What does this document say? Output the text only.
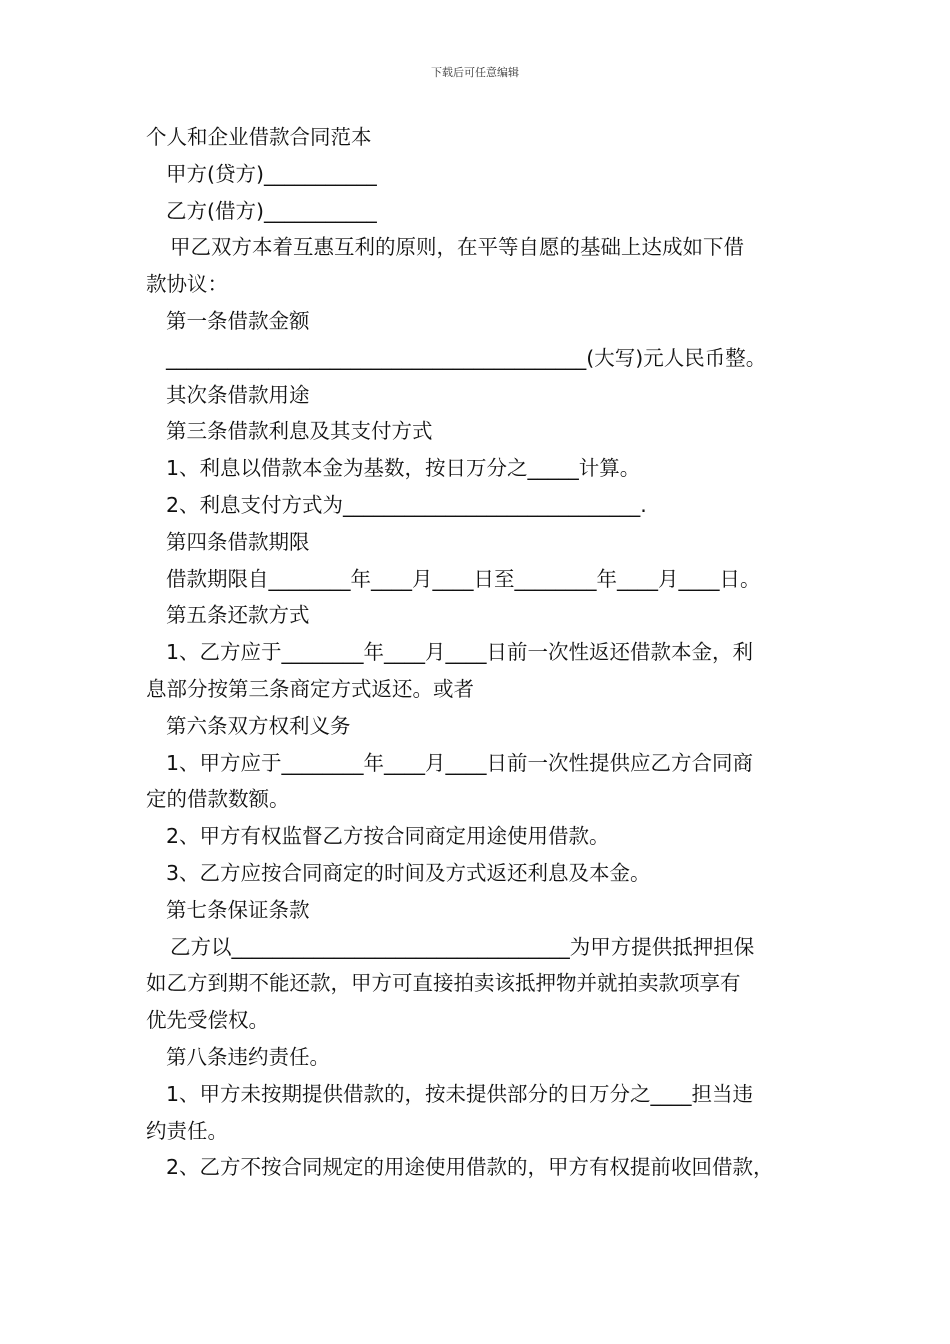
下载后可任意编辑
个人和企业借款合同范本
甲方(贷方)___________
乙方(借方)___________
甲乙双方本着互惠互利的原则，在平等自愿的基础上达成如下借
款协议：
第一条借款金额
_________________________________________(大写)元人民币整。
其次条借款用途
第三条借款利息及其支付方式
1、利息以借款本金为基数，按日万分之_____计算。
2、利息支付方式为_____________________________.
第四条借款期限
借款期限自________年____月____日至________年____月____日。
第五条还款方式
1、乙方应于________年____月____日前一次性返还借款本金，利
息部分按第三条商定方式返还。或者
第六条双方权利义务
1、甲方应于________年____月____日前一次性提供应乙方合同商
定的借款数额。
2、甲方有权监督乙方按合同商定用途使用借款。
3、乙方应按合同商定的时间及方式返还利息及本金。
第七条保证条款
乙方以_________________________________为甲方提供抵押担保
如乙方到期不能还款，甲方可直接拍卖该抵押物并就拍卖款项享有
优先受偿权。
第八条违约责任。
1、甲方未按期提供借款的，按未提供部分的日万分之____担当违
约责任。
2、乙方不按合同规定的用途使用借款的，甲方有权提前收回借款，
